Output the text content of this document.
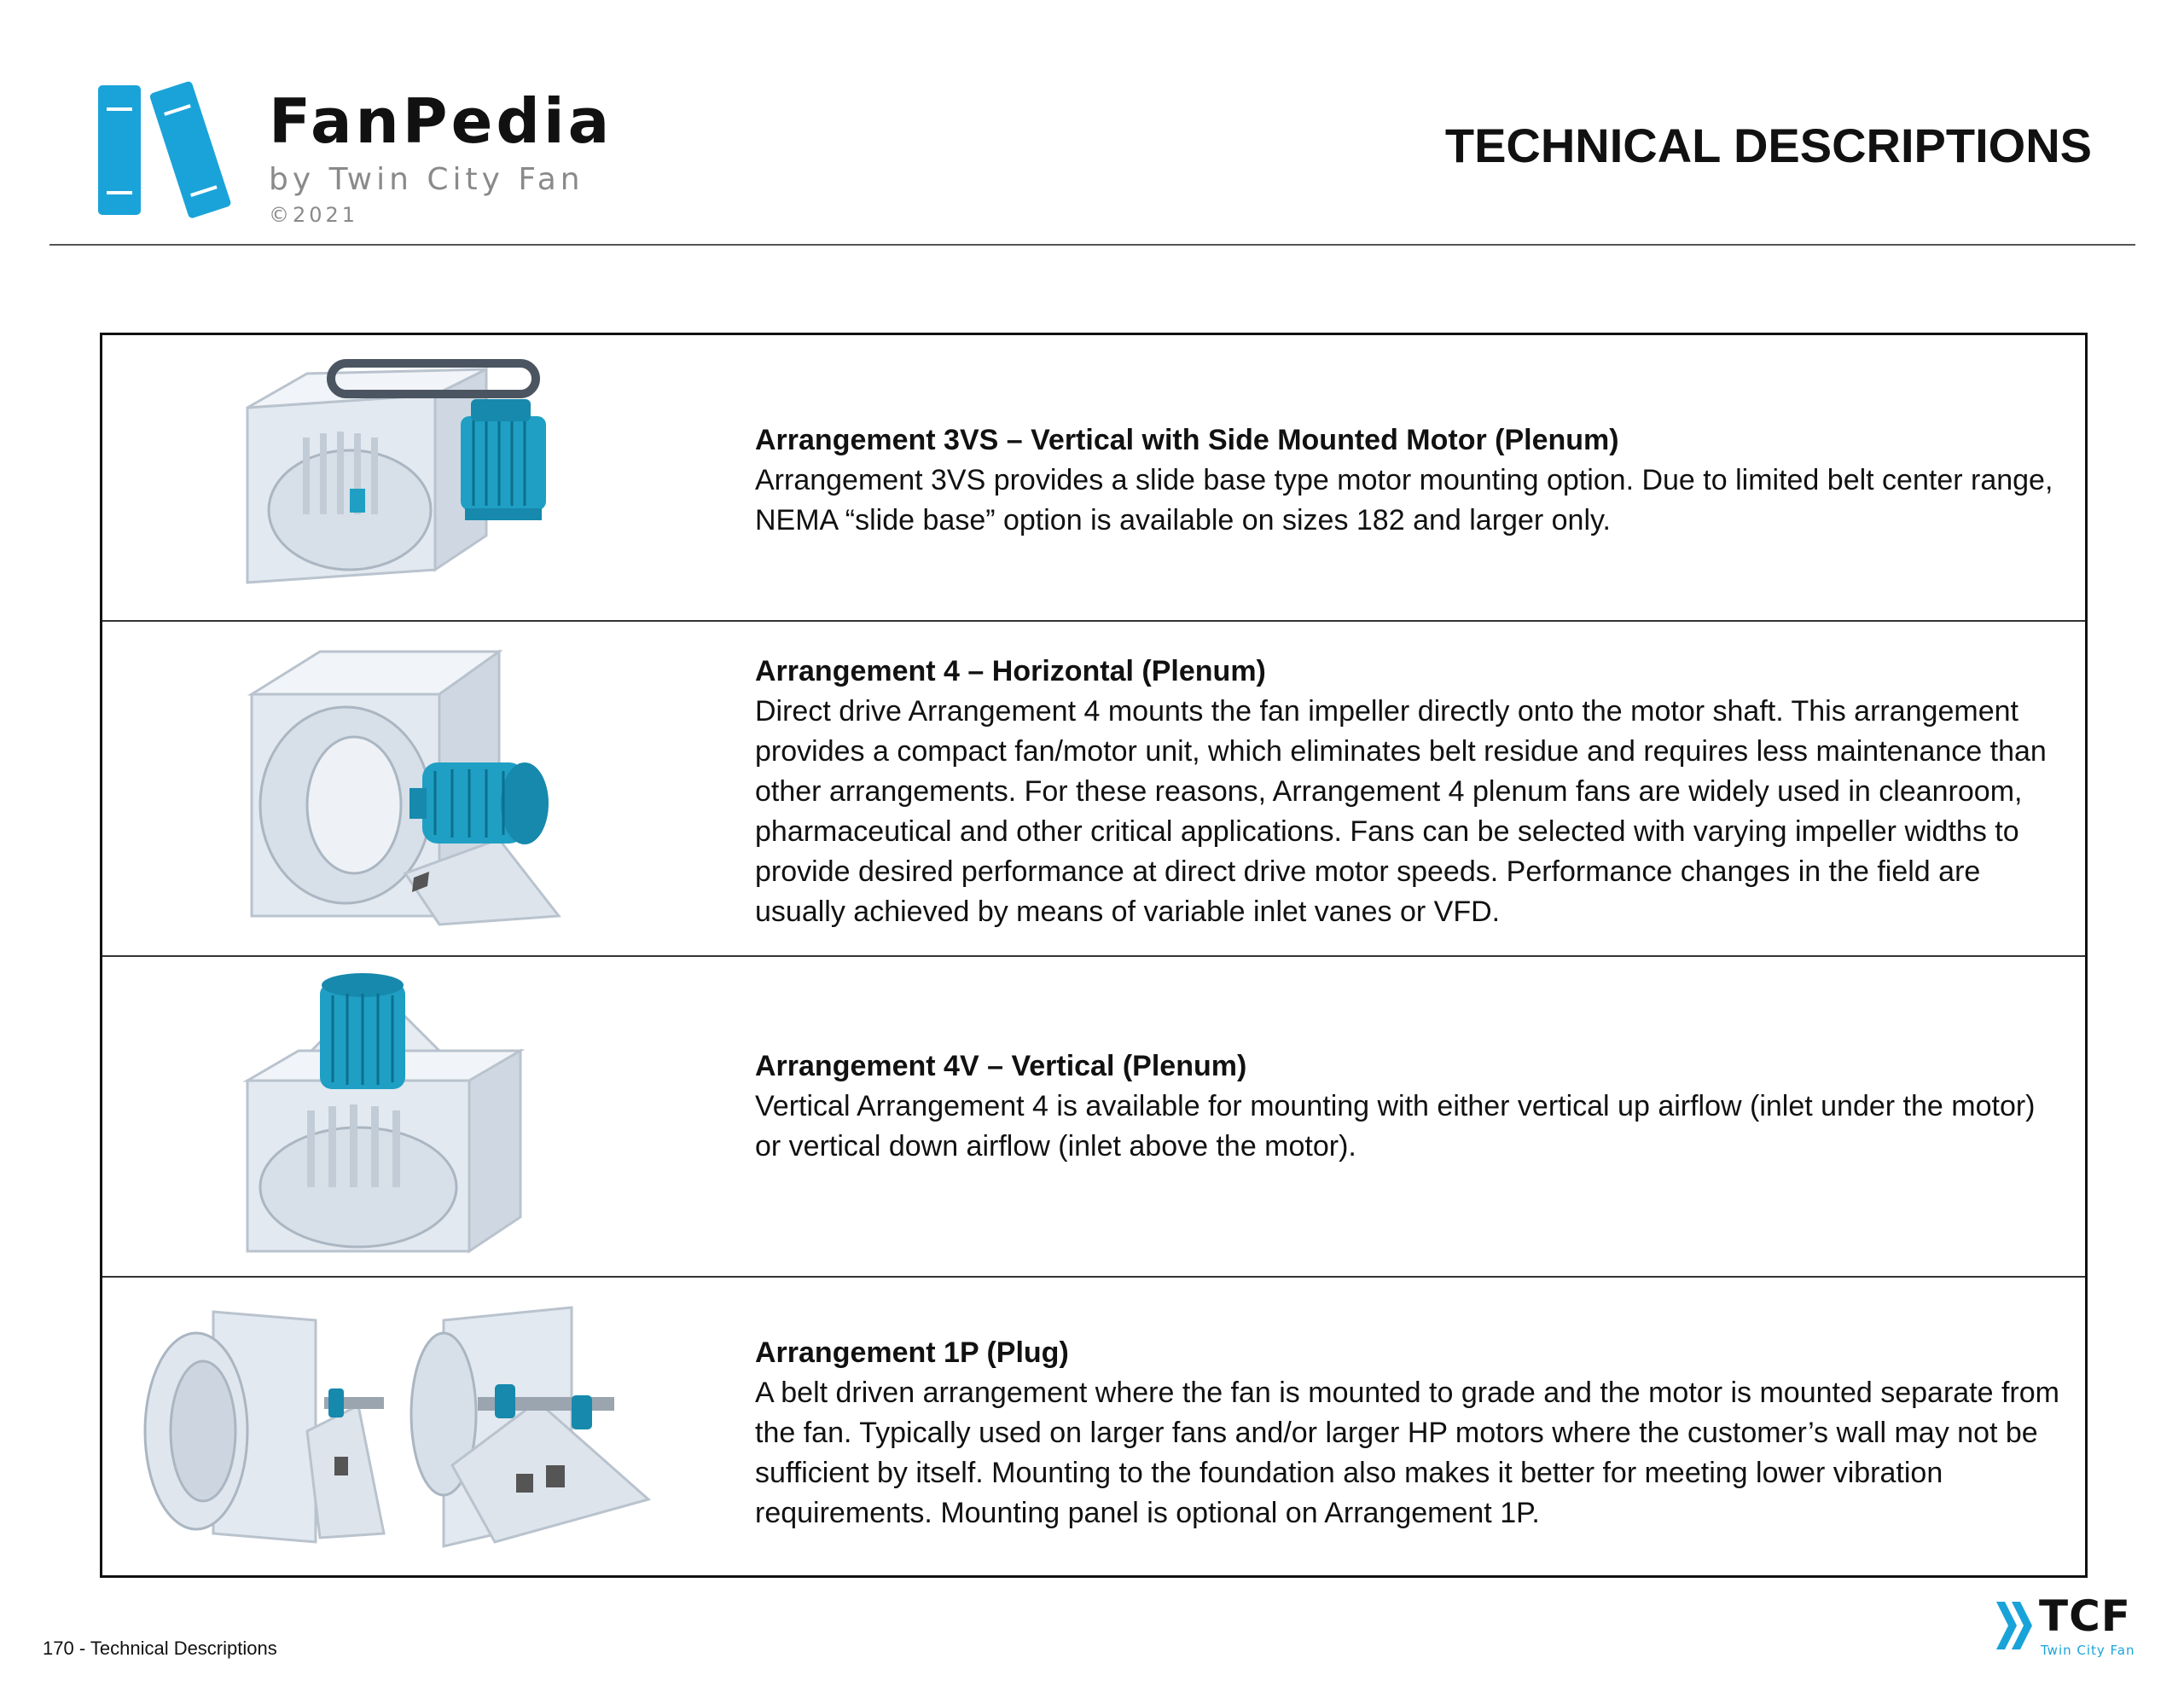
FanPedia
by Twin City Fan
©2021
TECHNICAL DESCRIPTIONS
Arrangement 3VS – Vertical with Side Mounted Motor (Plenum)
Arrangement 3VS provides a slide base type motor mounting option. Due to limited belt center range, NEMA “slide base” option is available on sizes 182 and larger only.
Arrangement 4 – Horizontal (Plenum)
Direct drive Arrangement 4 mounts the fan impeller directly onto the motor shaft. This arrangement provides a compact fan/motor unit, which eliminates belt residue and requires less maintenance than other arrangements. For these reasons, Arrangement 4 plenum fans are widely used in cleanroom, pharmaceutical and other critical applications. Fans can be selected with varying impeller widths to provide desired performance at direct drive motor speeds. Performance changes in the field are usually achieved by means of variable inlet vanes or VFD.
Arrangement 4V – Vertical (Plenum)
Vertical Arrangement 4 is available for mounting with either vertical up airflow (inlet under the motor) or vertical down airflow (inlet above the motor).
Arrangement 1P (Plug)
A belt driven arrangement where the fan is mounted to grade and the motor is mounted separate from the fan. Typically used on larger fans and/or larger HP motors where the customer’s wall may not be sufficient by itself. Mounting to the foundation also makes it better for meeting lower vibration requirements. Mounting panel is optional on Arrangement 1P.
170 - Technical Descriptions
TCF
Twin City Fan
